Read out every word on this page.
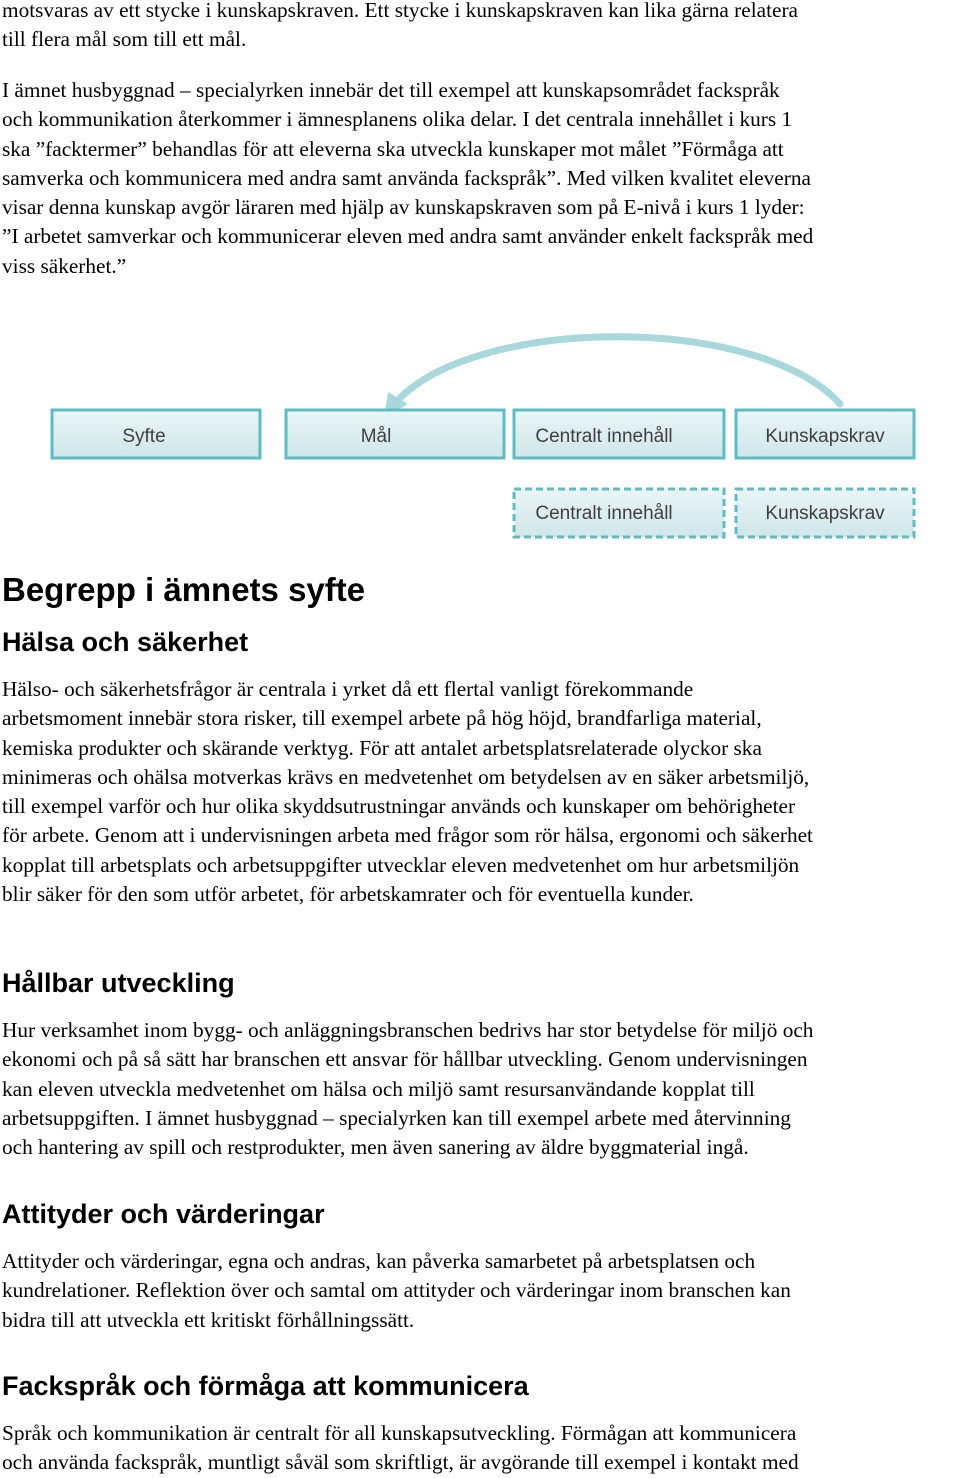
motsvaras av ett stycke i kunskapskraven. Ett stycke i kunskapskraven kan lika gärna relatera
till flera mål som till ett mål.

I ämnet husbyggnad – specialyrken innebär det till exempel att kunskapsområdet fackspråk
och kommunikation återkommer i ämnesplanens olika delar. I det centrala innehållet i kurs 1
ska ”facktermer” behandlas för att eleverna ska utveckla kunskaper mot målet ”Förmåga att
samverka och kommunicera med andra samt använda fackspråk”. Med vilken kvalitet eleverna
visar denna kunskap avgör läraren med hjälp av kunskapskraven som på E-nivå i kurs 1 lyder:
”I arbetet samverkar och kommunicerar eleven med andra samt använder enkelt fackspråk med
viss säkerhet.”

Syfte	Mål	Centralt innehåll	Kunskapskrav
Centralt innehåll	Kunskapskrav
Begrepp i ämnets syfte
Hälsa och säkerhet

Hälso- och säkerhetsfrågor är centrala i yrket då ett flertal vanligt förekommande
arbetsmoment innebär stora risker, till exempel arbete på hög höjd, brandfarliga material,
kemiska produkter och skärande verktyg. För att antalet arbetsplatsrelaterade olyckor ska
minimeras och ohälsa motverkas krävs en medvetenhet om betydelsen av en säker arbetsmiljö,
till exempel varför och hur olika skyddsutrustningar används och kunskaper om behörigheter
för arbete. Genom att i undervisningen arbeta med frågor som rör hälsa, ergonomi och säkerhet
kopplat till arbetsplats och arbetsuppgifter utvecklar eleven medvetenhet om hur arbetsmiljön
blir säker för den som utför arbetet, för arbetskamrater och för eventuella kunder.

Hållbar utveckling

Hur verksamhet inom bygg- och anläggningsbranschen bedrivs har stor betydelse för miljö och
ekonomi och på så sätt har branschen ett ansvar för hållbar utveckling. Genom undervisningen
kan eleven utveckla medvetenhet om hälsa och miljö samt resursanvändande kopplat till
arbetsuppgiften. I ämnet husbyggnad – specialyrken kan till exempel arbete med återvinning
och hantering av spill och restprodukter, men även sanering av äldre byggmaterial ingå.

Attityder och värderingar

Attityder och värderingar, egna och andras, kan påverka samarbetet på arbetsplatsen och
kundrelationer. Reflektion över och samtal om attityder och värderingar inom branschen kan
bidra till att utveckla ett kritiskt förhållningssätt.

Fackspråk och förmåga att kommunicera

Språk och kommunikation är centralt för all kunskapsutveckling. Förmågan att kommunicera
och använda fackspråk, muntligt såväl som skriftligt, är avgörande till exempel i kontakt med
